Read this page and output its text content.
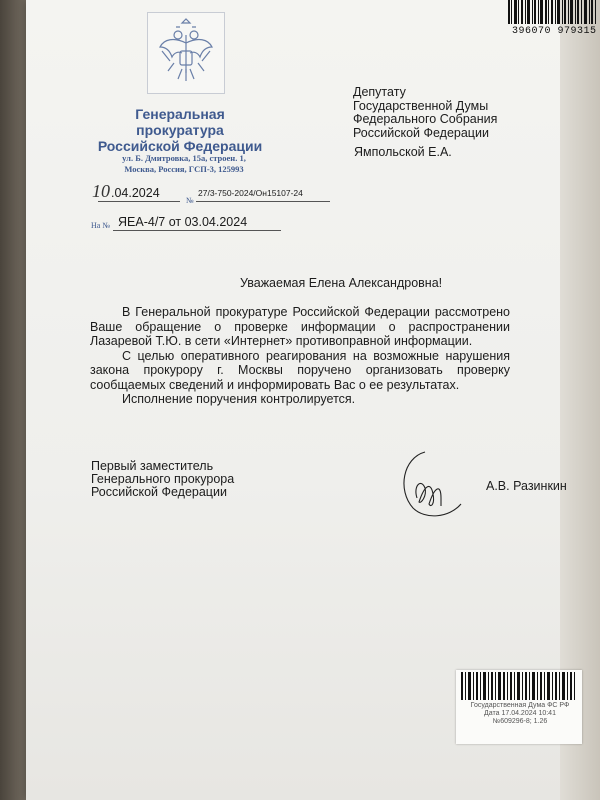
396070 979315
Генеральная прокуратура
Российской Федерации
ул. Б. Дмитровка, 15а, строен. 1,
Москва, Россия, ГСП-3, 125993
Депутату
Государственной Думы
Федерального Собрания
Российской Федерации
Ямпольской Е.А.
10 .04.2024
№
27/3-750-2024/Он15107-24
На № ЯЕА-4/7 от 03.04.2024
Уважаемая Елена Александровна!

В Генеральной прокуратуре Российской Федерации рассмотрено Ваше обращение о проверке информации о распространении Лазаревой Т.Ю. в сети «Интернет» противоправной информации.

С целью оперативного реагирования на возможные нарушения закона прокурору г. Москвы поручено организовать проверку сообщаемых сведений и информировать Вас о ее результатах.

Исполнение поручения контролируется.

Первый заместитель
Генерального прокурора
Российской Федерации	А.В. Разинкин
Государственная Дума ФС РФ
Дата 17.04.2024 10:41
№609296-8; 1.26
